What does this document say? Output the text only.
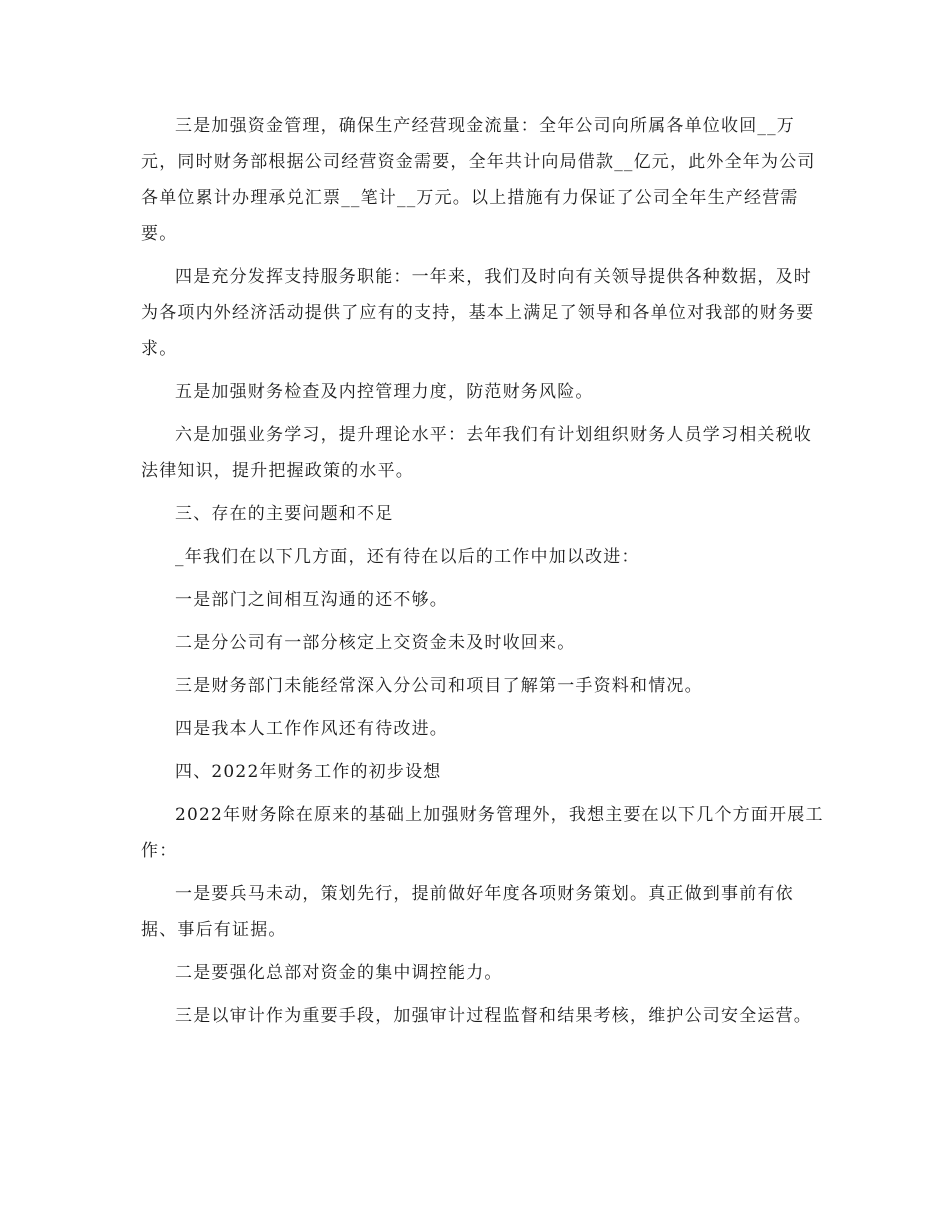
三是加强资金管理，确保生产经营现金流量：全年公司向所属各单位收回__万元，同时财务部根据公司经营资金需要，全年共计向局借款__亿元，此外全年为公司各单位累计办理承兑汇票__笔计__万元。以上措施有力保证了公司全年生产经营需要。

四是充分发挥支持服务职能：一年来，我们及时向有关领导提供各种数据，及时为各项内外经济活动提供了应有的支持，基本上满足了领导和各单位对我部的财务要求。

五是加强财务检查及内控管理力度，防范财务风险。

六是加强业务学习，提升理论水平：去年我们有计划组织财务人员学习相关税收法律知识，提升把握政策的水平。

三、存在的主要问题和不足

_年我们在以下几方面，还有待在以后的工作中加以改进：

一是部门之间相互沟通的还不够。

二是分公司有一部分核定上交资金未及时收回来。

三是财务部门未能经常深入分公司和项目了解第一手资料和情况。

四是我本人工作作风还有待改进。

四、2022年财务工作的初步设想

2022年财务除在原来的基础上加强财务管理外，我想主要在以下几个方面开展工作：

一是要兵马未动，策划先行，提前做好年度各项财务策划。真正做到事前有依据、事后有证据。

二是要强化总部对资金的集中调控能力。

三是以审计作为重要手段，加强审计过程监督和结果考核，维护公司安全运营。
